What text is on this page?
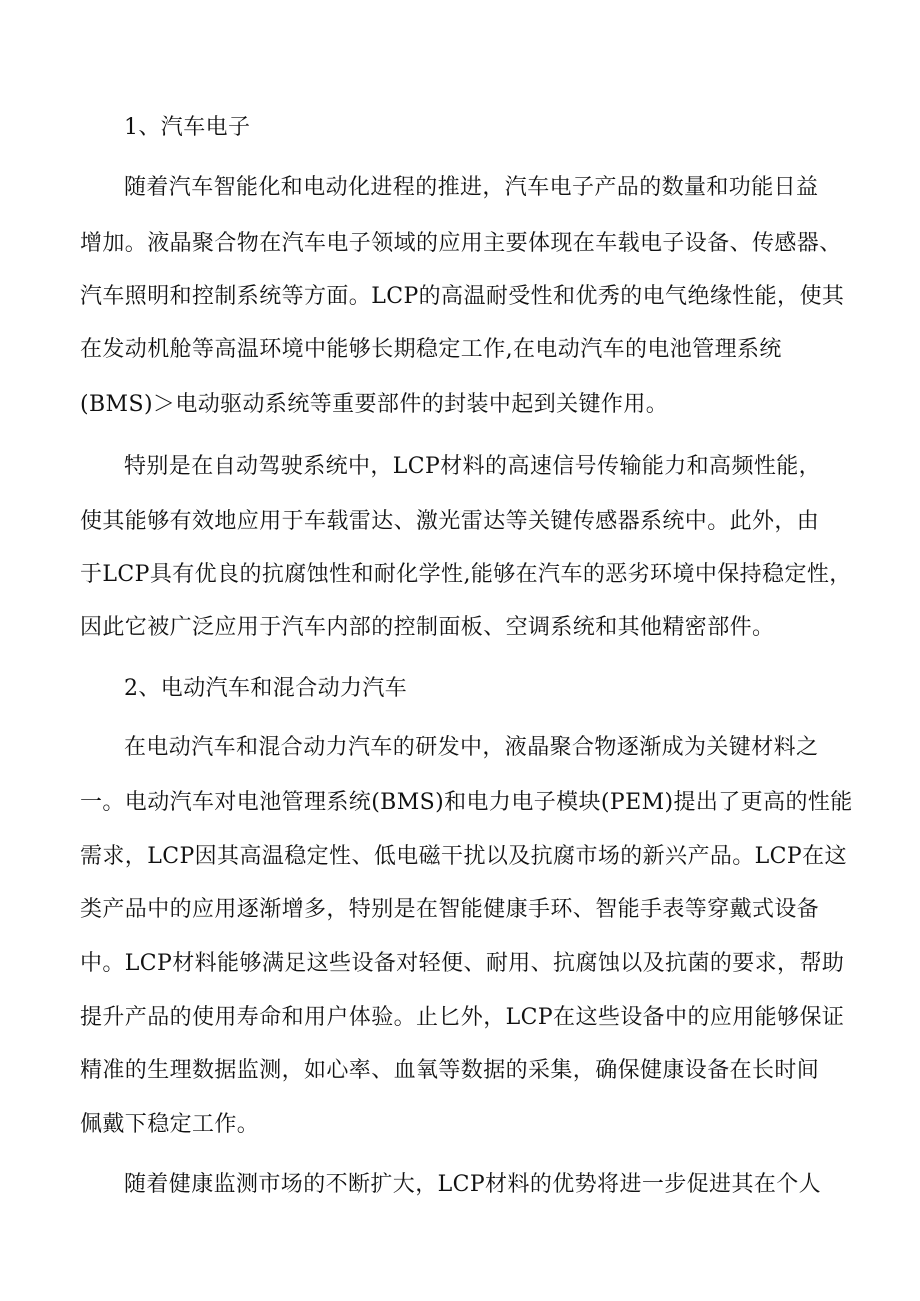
1、汽车电子
随着汽车智能化和电动化进程的推进，汽车电子产品的数量和功能日益
增加。液晶聚合物在汽车电子领域的应用主要体现在车载电子设备、传感器、
汽车照明和控制系统等方面。LCP的高温耐受性和优秀的电气绝缘性能，使其
在发动机舱等高温环境中能够长期稳定工作,在电动汽车的电池管理系统
(BMS)＞电动驱动系统等重要部件的封装中起到关键作用。
特别是在自动驾驶系统中，LCP材料的高速信号传输能力和高频性能，
使其能够有效地应用于车载雷达、激光雷达等关键传感器系统中。此外，由
于LCP具有优良的抗腐蚀性和耐化学性,能够在汽车的恶劣环境中保持稳定性，
因此它被广泛应用于汽车内部的控制面板、空调系统和其他精密部件。
2、电动汽车和混合动力汽车
在电动汽车和混合动力汽车的研发中，液晶聚合物逐渐成为关键材料之
一。电动汽车对电池管理系统(BMS)和电力电子模块(PEM)提出了更高的性能
需求，LCP因其高温稳定性、低电磁干扰以及抗腐市场的新兴产品。LCP在这
类产品中的应用逐渐增多，特别是在智能健康手环、智能手表等穿戴式设备
中。LCP材料能够满足这些设备对轻便、耐用、抗腐蚀以及抗菌的要求，帮助
提升产品的使用寿命和用户体验。止匕外，LCP在这些设备中的应用能够保证
精准的生理数据监测，如心率、血氧等数据的采集，确保健康设备在长时间
佩戴下稳定工作。
随着健康监测市场的不断扩大，LCP材料的优势将进一步促进其在个人
